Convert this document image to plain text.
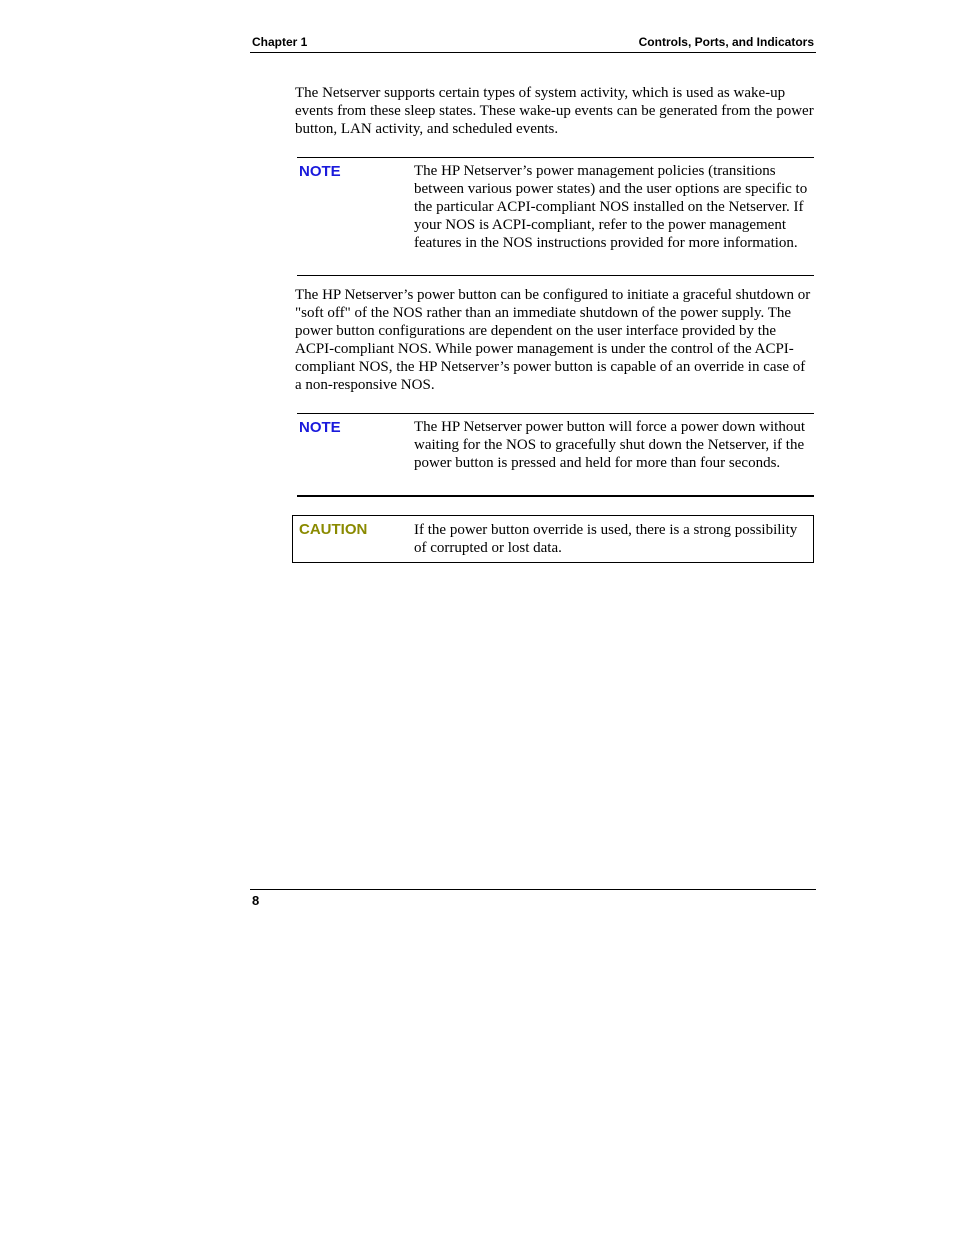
Chapter 1	Controls, Ports, and Indicators

The Netserver supports certain types of system activity, which is used as wake-up events from these sleep states. These wake-up events can be generated from the power button, LAN activity, and scheduled events.

NOTE	The HP Netserver’s power management policies (transitions between various power states) and the user options are specific to the particular ACPI-compliant NOS installed on the Netserver. If your NOS is ACPI-compliant, refer to the power management features in the NOS instructions provided for more information.

The HP Netserver’s power button can be configured to initiate a graceful shutdown or "soft off" of the NOS rather than an immediate shutdown of the power supply. The power button configurations are dependent on the user interface provided by the ACPI-compliant NOS. While power management is under the control of the ACPI-compliant NOS, the HP Netserver’s power button is capable of an override in case of a non-responsive NOS.

NOTE	The HP Netserver power button will force a power down without waiting for the NOS to gracefully shut down the Netserver, if the power button is pressed and held for more than four seconds.

CAUTION	If the power button override is used, there is a strong possibility of corrupted or lost data.

8
